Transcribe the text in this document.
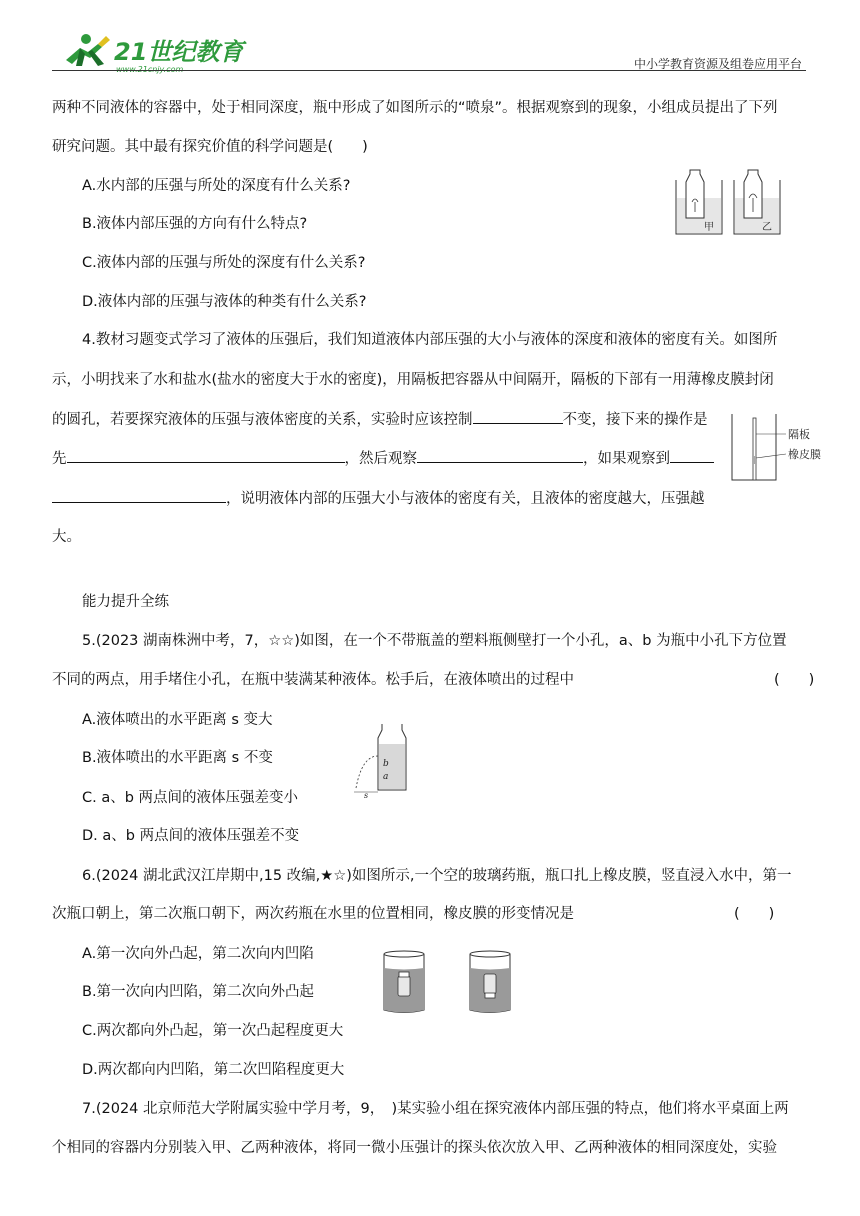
21世纪教育
www.21cnjy.com	中小学教育资源及组卷应用平台
两种不同液体的容器中，处于相同深度，瓶中形成了如图所示的“喷泉”。根据观察到的现象，小组成员提出了下列
研究问题。其中最有探究价值的科学问题是(　　)
A.水内部的压强与所处的深度有什么关系?
B.液体内部压强的方向有什么特点?
C.液体内部的压强与所处的深度有什么关系?
D.液体内部的压强与液体的种类有什么关系?
甲	乙
4.教材习题变式学习了液体的压强后，我们知道液体内部压强的大小与液体的深度和液体的密度有关。如图所
示，小明找来了水和盐水(盐水的密度大于水的密度)，用隔板把容器从中间隔开，隔板的下部有一用薄橡皮膜封闭
的圆孔，若要探究液体的压强与液体密度的关系，实验时应该控制	不变，接下来的操作是
先	，然后观察	，如果观察到
，说明液体内部的压强大小与液体的密度有关，且液体的密度越大，压强越
大。
隔板
橡皮膜
能力提升全练
5.(2023 湖南株洲中考，7，☆☆)如图，在一个不带瓶盖的塑料瓶侧壁打一个小孔，a、b 为瓶中小孔下方位置
不同的两点，用手堵住小孔，在瓶中装满某种液体。松手后，在液体喷出的过程中	(　　)
A.液体喷出的水平距离 s 变大
B.液体喷出的水平距离 s 不变
C. a、b 两点间的液体压强差变小
D. a、b 两点间的液体压强差不变
b
a
s
6.(2024 湖北武汉江岸期中,15 改编,★☆)如图所示,一个空的玻璃药瓶，瓶口扎上橡皮膜，竖直浸入水中，第一
次瓶口朝上，第二次瓶口朝下，两次药瓶在水里的位置相同，橡皮膜的形变情况是	(　　)
A.第一次向外凸起，第二次向内凹陷
B.第一次向内凹陷，第二次向外凸起
C.两次都向外凸起，第一次凸起程度更大
D.两次都向内凹陷，第二次凹陷程度更大
7.(2024 北京师范大学附属实验中学月考，9，　)某实验小组在探究液体内部压强的特点，他们将水平桌面上两
个相同的容器内分别装入甲、乙两种液体，将同一微小压强计的探头依次放入甲、乙两种液体的相同深度处，实验
